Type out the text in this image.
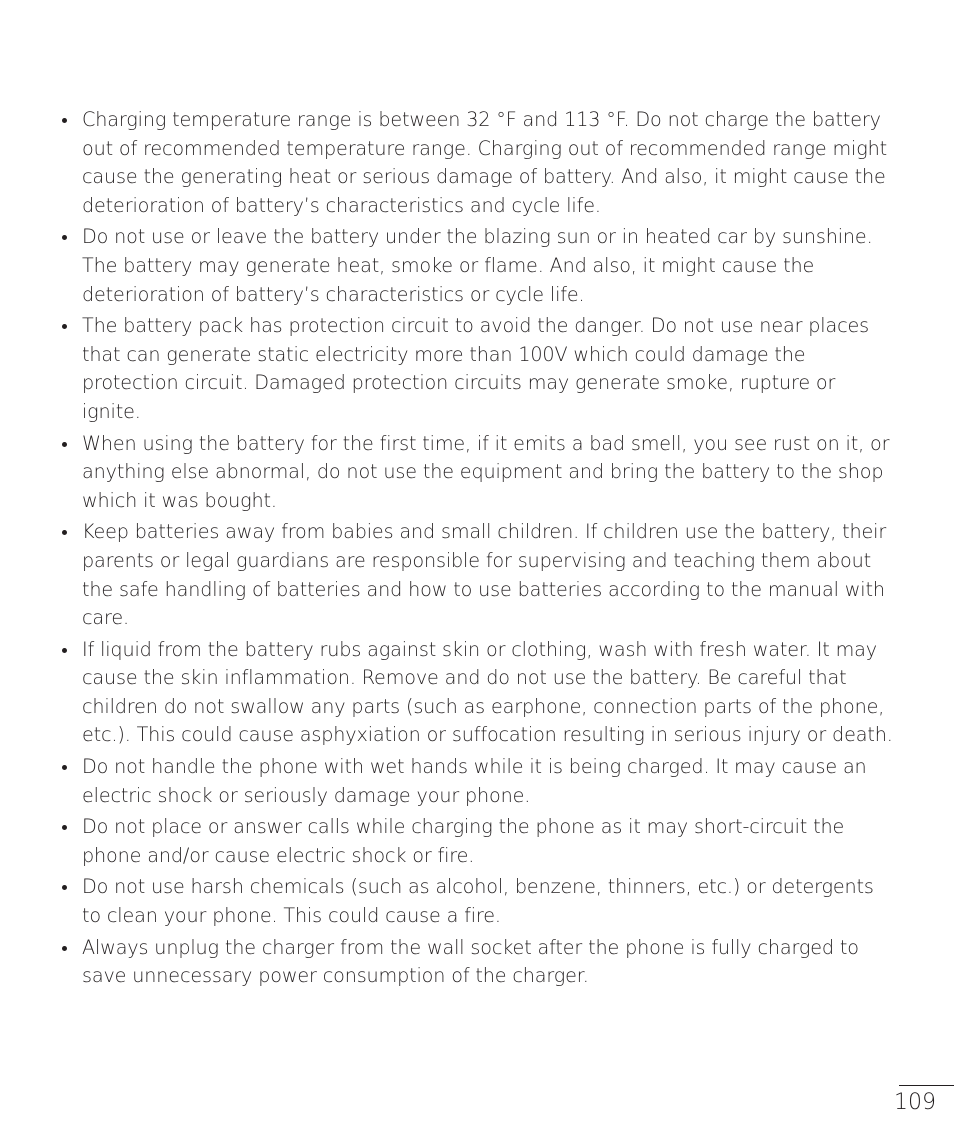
Charging temperature range is between 32 °F and 113 °F. Do not charge the battery out of recommended temperature range. Charging out of recommended range might cause the generating heat or serious damage of battery. And also, it might cause the deterioration of battery’s characteristics and cycle life.
Do not use or leave the battery under the blazing sun or in heated car by sunshine. The battery may generate heat, smoke or flame. And also, it might cause the deterioration of battery’s characteristics or cycle life.
The battery pack has protection circuit to avoid the danger. Do not use near places that can generate static electricity more than 100V which could damage the protection circuit. Damaged protection circuits may generate smoke, rupture or ignite.
When using the battery for the first time, if it emits a bad smell, you see rust on it, or anything else abnormal, do not use the equipment and bring the battery to the shop which it was bought.
Keep batteries away from babies and small children. If children use the battery, their parents or legal guardians are responsible for supervising and teaching them about the safe handling of batteries and how to use batteries according to the manual with care.
If liquid from the battery rubs against skin or clothing, wash with fresh water. It may cause the skin inflammation. Remove and do not use the battery. Be careful that children do not swallow any parts (such as earphone, connection parts of the phone, etc.). This could cause asphyxiation or suffocation resulting in serious injury or death.
Do not handle the phone with wet hands while it is being charged. It may cause an electric shock or seriously damage your phone.
Do not place or answer calls while charging the phone as it may short-circuit the phone and/or cause electric shock or fire.
Do not use harsh chemicals (such as alcohol, benzene, thinners, etc.) or detergents to clean your phone. This could cause a fire.
Always unplug the charger from the wall socket after the phone is fully charged to save unnecessary power consumption of the charger.
109
